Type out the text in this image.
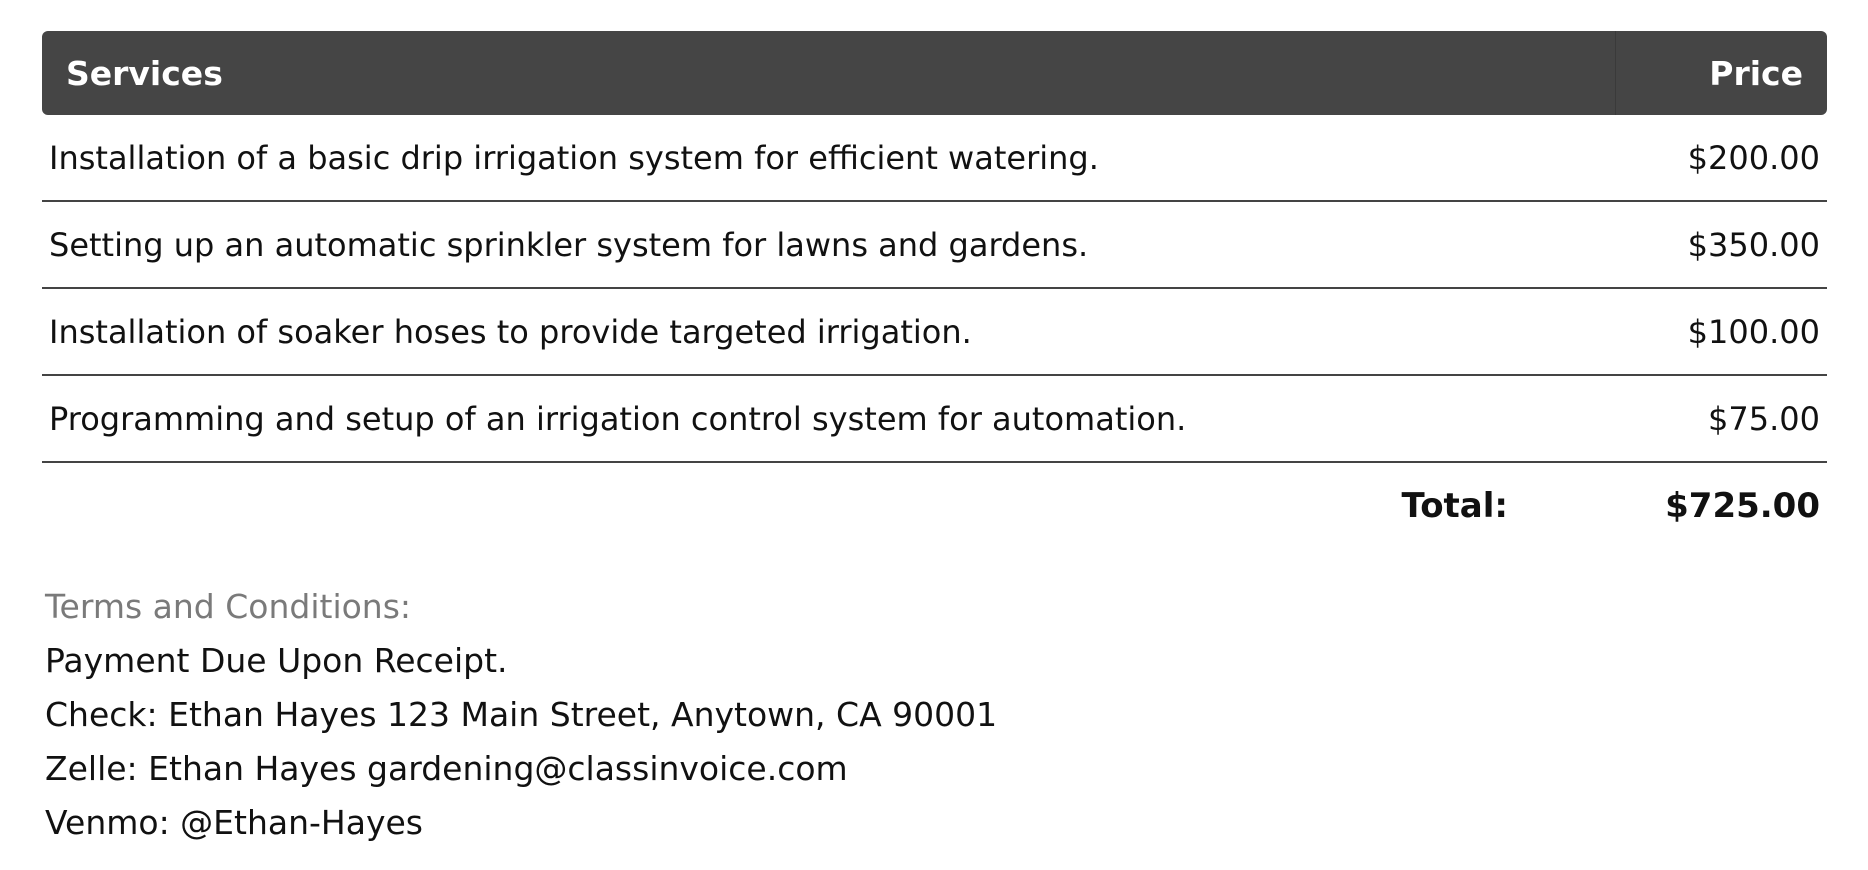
Services	Price
Installation of a basic drip irrigation system for efficient watering.	$200.00
Setting up an automatic sprinkler system for lawns and gardens.	$350.00
Installation of soaker hoses to provide targeted irrigation.	$100.00
Programming and setup of an irrigation control system for automation.	$75.00
Total:	$725.00

Terms and Conditions:

Payment Due Upon Receipt.

Check: Ethan Hayes 123 Main Street, Anytown, CA 90001

Zelle: Ethan Hayes gardening@classinvoice.com

Venmo: @Ethan-Hayes
